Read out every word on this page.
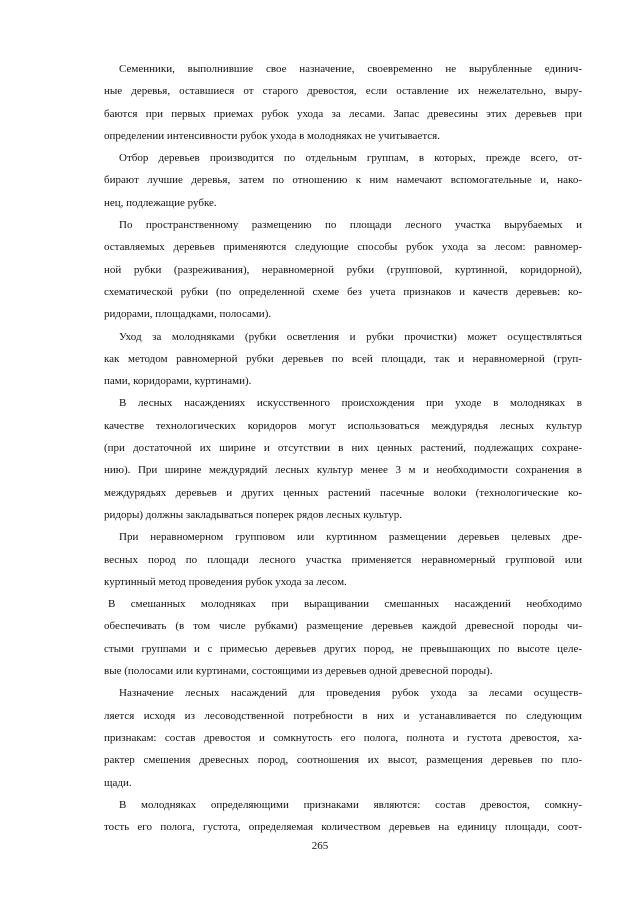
Семенники, выполнившие свое назначение, своевременно не вырубленные единич-
ные деревья, оставшиеся от старого древостоя, если оставление их нежелательно, выру-
баются при первых приемах рубок ухода за лесами. Запас древесины этих деревьев при
определении интенсивности рубок ухода в молодняках не учитывается.
Отбор деревьев производится по отдельным группам, в которых, прежде всего, от-
бирают лучшие деревья, затем по отношению к ним намечают вспомогательные и, нако-
нец, подлежащие рубке.
По пространственному размещению по площади лесного участка вырубаемых и
оставляемых деревьев применяются следующие способы рубок ухода за лесом: равномер-
ной рубки (разреживания), неравномерной рубки (групповой, куртинной, коридорной),
схематической рубки (по определенной схеме без учета признаков и качеств деревьев: ко-
ридорами, площадками, полосами).
Уход за молодняками (рубки осветления и рубки прочистки) может осуществляться
как методом равномерной рубки деревьев по всей площади, так и неравномерной (груп-
пами, коридорами, куртинами).
В лесных насаждениях искусственного происхождения при уходе в молодняках в
качестве технологических коридоров могут использоваться междурядья лесных культур
(при достаточной их ширине и отсутствии в них ценных растений, подлежащих сохране-
нию). При ширине междурядий лесных культур менее 3 м и необходимости сохранения в
междурядьях деревьев и других ценных растений пасечные волоки (технологические ко-
ридоры) должны закладываться поперек рядов лесных культур.
При неравномерном групповом или куртинном размещении деревьев целевых дре-
весных пород по площади лесного участка применяется неравномерный групповой или
куртинный метод проведения рубок ухода за лесом.
В смешанных молодняках при выращивании смешанных насаждений необходимо
обеспечивать (в том числе рубками) размещение деревьев каждой древесной породы чи-
стыми группами и с примесью деревьев других пород, не превышающих по высоте целе-
вые (полосами или куртинами, состоящими из деревьев одной древесной породы).
Назначение лесных насаждений для проведения рубок ухода за лесами осуществ-
ляется исходя из лесоводственной потребности в них и устанавливается по следующим
признакам: состав древостоя и сомкнутость его полога, полнота и густота древостоя, ха-
рактер смешения древесных пород, соотношения их высот, размещения деревьев по пло-
щади.
В молодняках определяющими признаками являются: состав древостоя, сомкну-
тость его полога, густота, определяемая количеством деревьев на единицу площади, соот-
265
